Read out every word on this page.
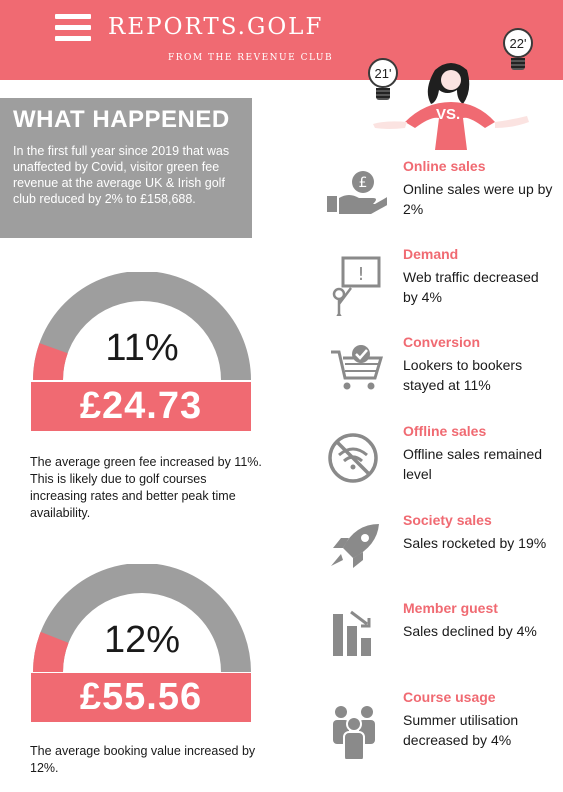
REPORTS.GOLF
FROM THE REVENUE CLUB
21'
22'
VS.
WHAT HAPPENED

In the first full year since 2019 that was unaffected by Covid, visitor green fee revenue at the average UK & Irish golf club reduced by 2% to £158,688.

11%
£24.73
The average green fee increased by 11%. This is likely due to golf courses increasing rates and better peak time availability.
12%
£55.56
The average booking value increased by 12%.
£
Online sales
Online sales were up by 2%
!
Demand
Web traffic decreased by 4%
Conversion
Lookers to bookers stayed at 11%
Offline sales
Offline sales remained level
Society sales
Sales rocketed by 19%
Member guest
Sales declined by 4%
Course usage
Summer utilisation decreased by 4%
